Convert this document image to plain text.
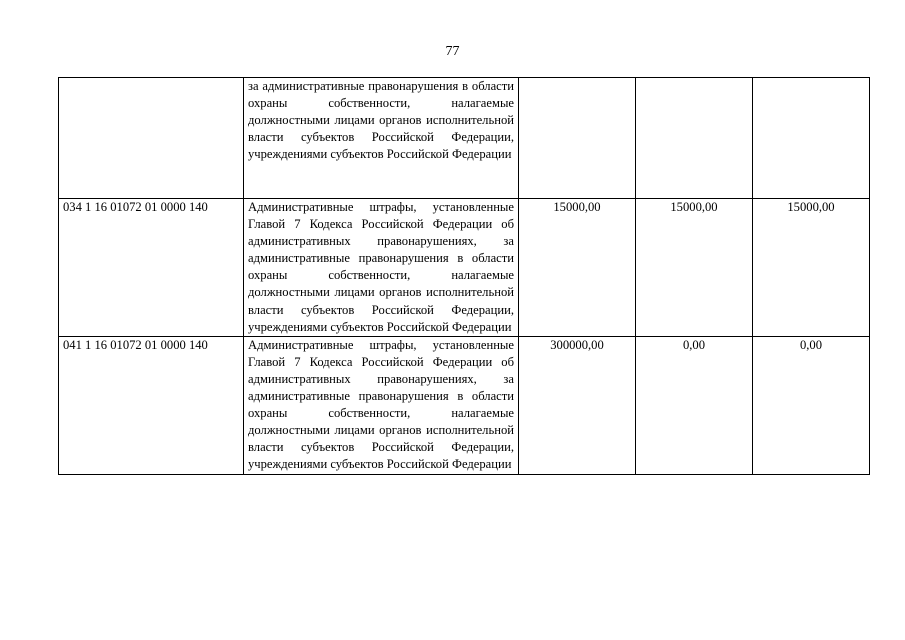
77
	за административные правонарушения в области охраны собственности, налагаемые должностными лицами органов исполнительной власти субъектов Российской Федерации, учреждениями субъектов Российской Федерации			
034 1 16 01072 01 0000 140	Административные штрафы, установленные Главой 7 Кодекса Российской Федерации об административных правонарушениях, за административные правонарушения в области охраны собственности, налагаемые должностными лицами органов исполнительной власти субъектов Российской Федерации, учреждениями субъектов Российской Федерации	15000,00	15000,00	15000,00
041 1 16 01072 01 0000 140	Административные штрафы, установленные Главой 7 Кодекса Российской Федерации об административных правонарушениях, за административные правонарушения в области охраны собственности, налагаемые должностными лицами органов исполнительной власти субъектов Российской Федерации, учреждениями субъектов Российской Федерации	300000,00	0,00	0,00
